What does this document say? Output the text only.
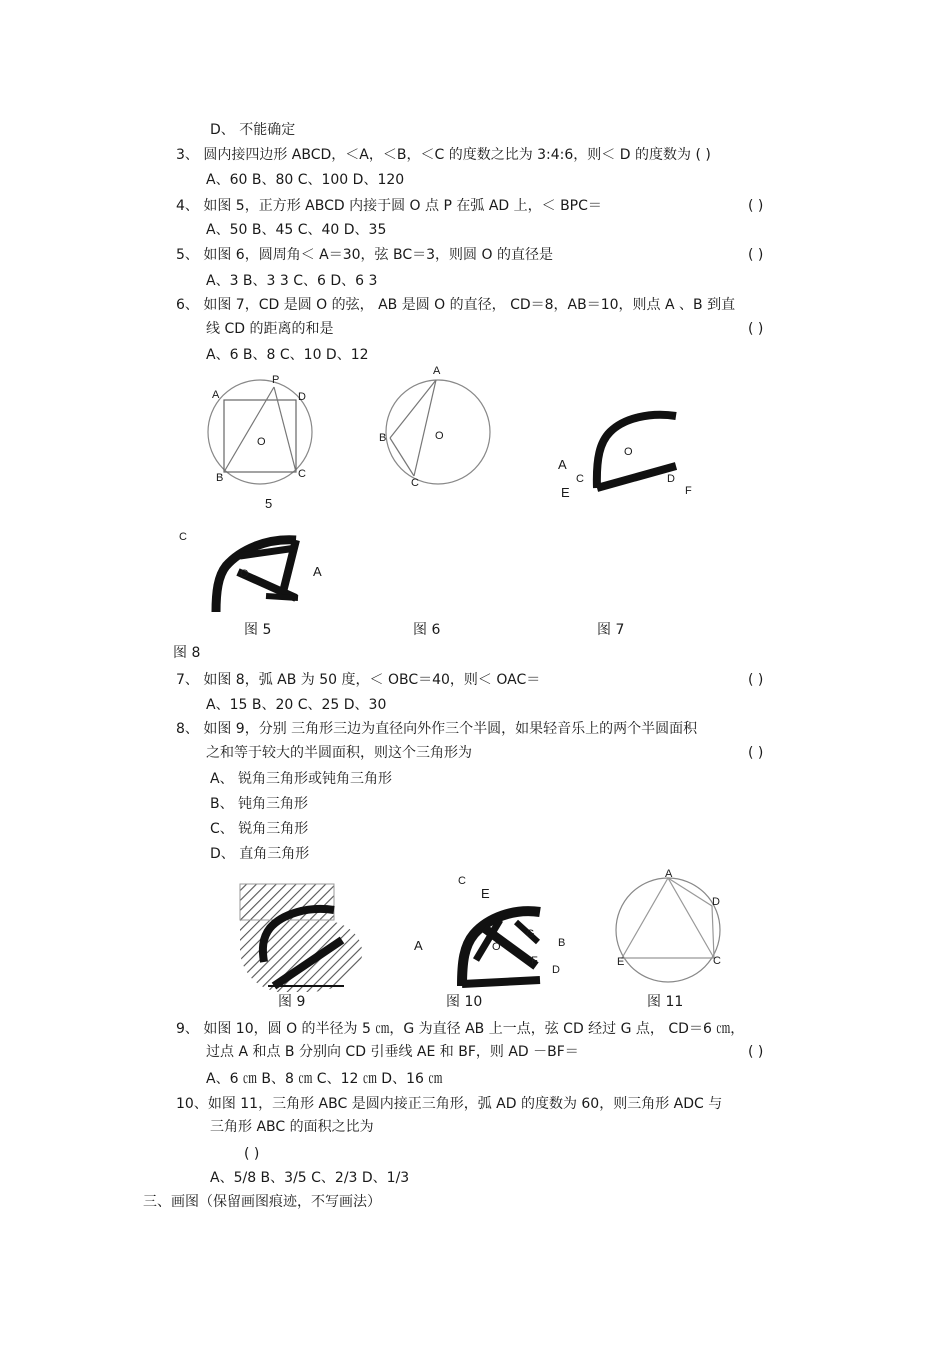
D、 不能确定
3、 圆内接四边形 ABCD，＜A，＜B，＜C 的度数之比为 3:4:6，则＜ D 的度数为 ( )
A、60 B、80 C、100 D、120
4、 如图 5，正方形 ABCD 内接于圆 O 点 P 在弧 AD 上，＜ BPC＝	( )
A、50 B、45 C、40 D、35
5、 如图 6，圆周角＜ A＝30，弦 BC＝3，则圆 O 的直径是	( )
A、3 B、3 3 C、6 D、6 3
6、 如图 7，CD 是圆 O 的弦， AB 是圆 O 的直径， CD＝8，AB＝10，则点 A 、B 到直
线 CD 的距离的和是	( )
A、6 B、8 C、10 D、12
A
P
D
O
B	C
5
A
B	O
C
O
A
C
E
D
F
C
O	A
图 5	图 6	图 7
图 8
7、 如图 8，弧 AB 为 50 度，＜ OBC＝40，则＜ OAC＝	( )
A、15 B、20 C、25 D、30
8、 如图 9，分别 三角形三边为直径向外作三个半圆，如果轻音乐上的两个半圆面积
之和等于较大的半圆面积，则这个三角形为	( )
A、 锐角三角形或钝角三角形
B、 钝角三角形
C、 锐角三角形
D、 直角三角形
图 9
C
E
A	O
G
B
F
D
图 10
A
D
E	C
图 11
9、 如图 10，圆 O 的半径为 5 ㎝，G 为直径 AB 上一点，弦 CD 经过 G 点， CD＝6 ㎝，
过点 A 和点 B 分别向 CD 引垂线 AE 和 BF，则 AD －BF＝	( )
A、6 ㎝ B、8 ㎝ C、12 ㎝ D、16 ㎝
10、如图 11，三角形 ABC 是圆内接正三角形，弧 AD 的度数为 60，则三角形 ADC 与
三角形 ABC 的面积之比为
( )
A、5/8 B、3/5 C、2/3 D、1/3
三、画图（保留画图痕迹，不写画法）
